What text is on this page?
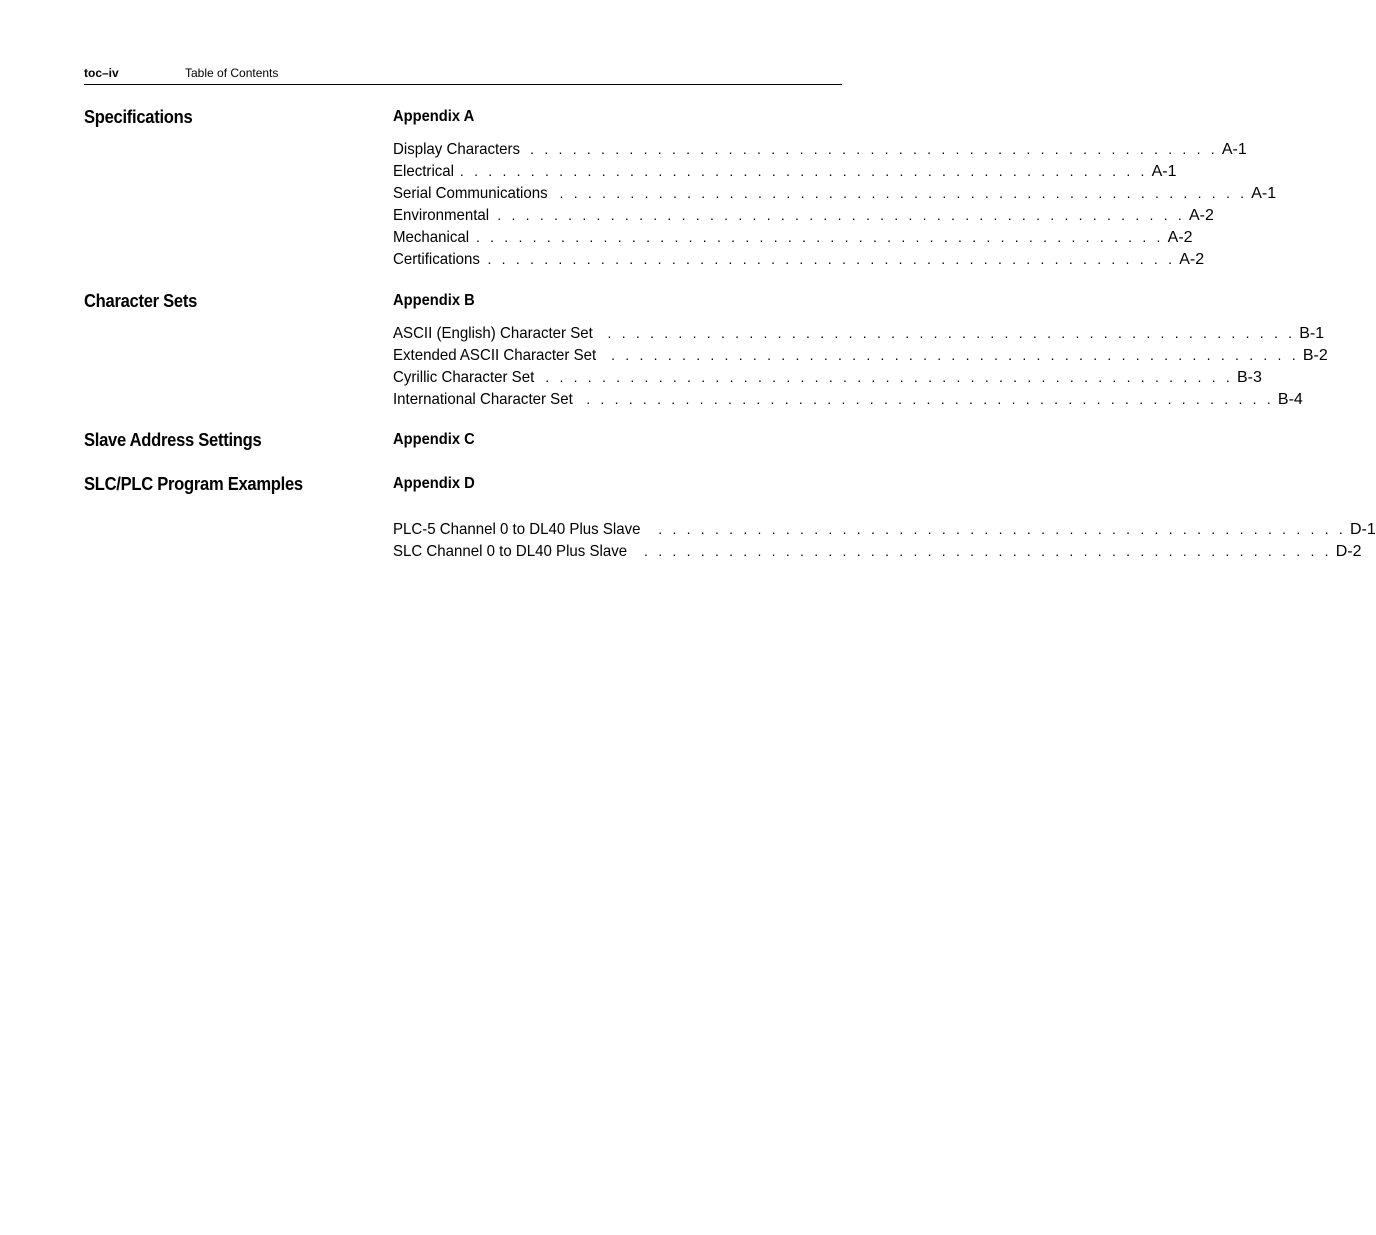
toc–iv	Table of Contents
Specifications	Appendix A
Display Characters . . . . . . . . . . . . . . . . . . . . . . . . . . . . . . . . . . . . . . . . . . . . . . . . . A-1
Electrical . . . . . . . . . . . . . . . . . . . . . . . . . . . . . . . . . . . . . . . . . . . . . . . . . A-1
Serial Communications . . . . . . . . . . . . . . . . . . . . . . . . . . . . . . . . . . . . . . . . . . . . . . . . . A-1
Environmental . . . . . . . . . . . . . . . . . . . . . . . . . . . . . . . . . . . . . . . . . . . . . . . . . A-2
Mechanical . . . . . . . . . . . . . . . . . . . . . . . . . . . . . . . . . . . . . . . . . . . . . . . . . A-2
Certifications . . . . . . . . . . . . . . . . . . . . . . . . . . . . . . . . . . . . . . . . . . . . . . . . . A-2
Character Sets	Appendix B
ASCII (English) Character Set . . . . . . . . . . . . . . . . . . . . . . . . . . . . . . . . . . . . . . . . . . . . . . . . . B-1
Extended ASCII Character Set . . . . . . . . . . . . . . . . . . . . . . . . . . . . . . . . . . . . . . . . . . . . . . . . . B-2
Cyrillic Character Set . . . . . . . . . . . . . . . . . . . . . . . . . . . . . . . . . . . . . . . . . . . . . . . . . B-3
International Character Set . . . . . . . . . . . . . . . . . . . . . . . . . . . . . . . . . . . . . . . . . . . . . . . . . B-4
Slave Address Settings	Appendix C
SLC/PLC Program Examples	Appendix D
PLC-5 Channel 0 to DL40 Plus Slave . . . . . . . . . . . . . . . . . . . . . . . . . . . . . . . . . . . . . . . . . . . . . . . . . D-1
SLC Channel 0 to DL40 Plus Slave . . . . . . . . . . . . . . . . . . . . . . . . . . . . . . . . . . . . . . . . . . . . . . . . . D-2
